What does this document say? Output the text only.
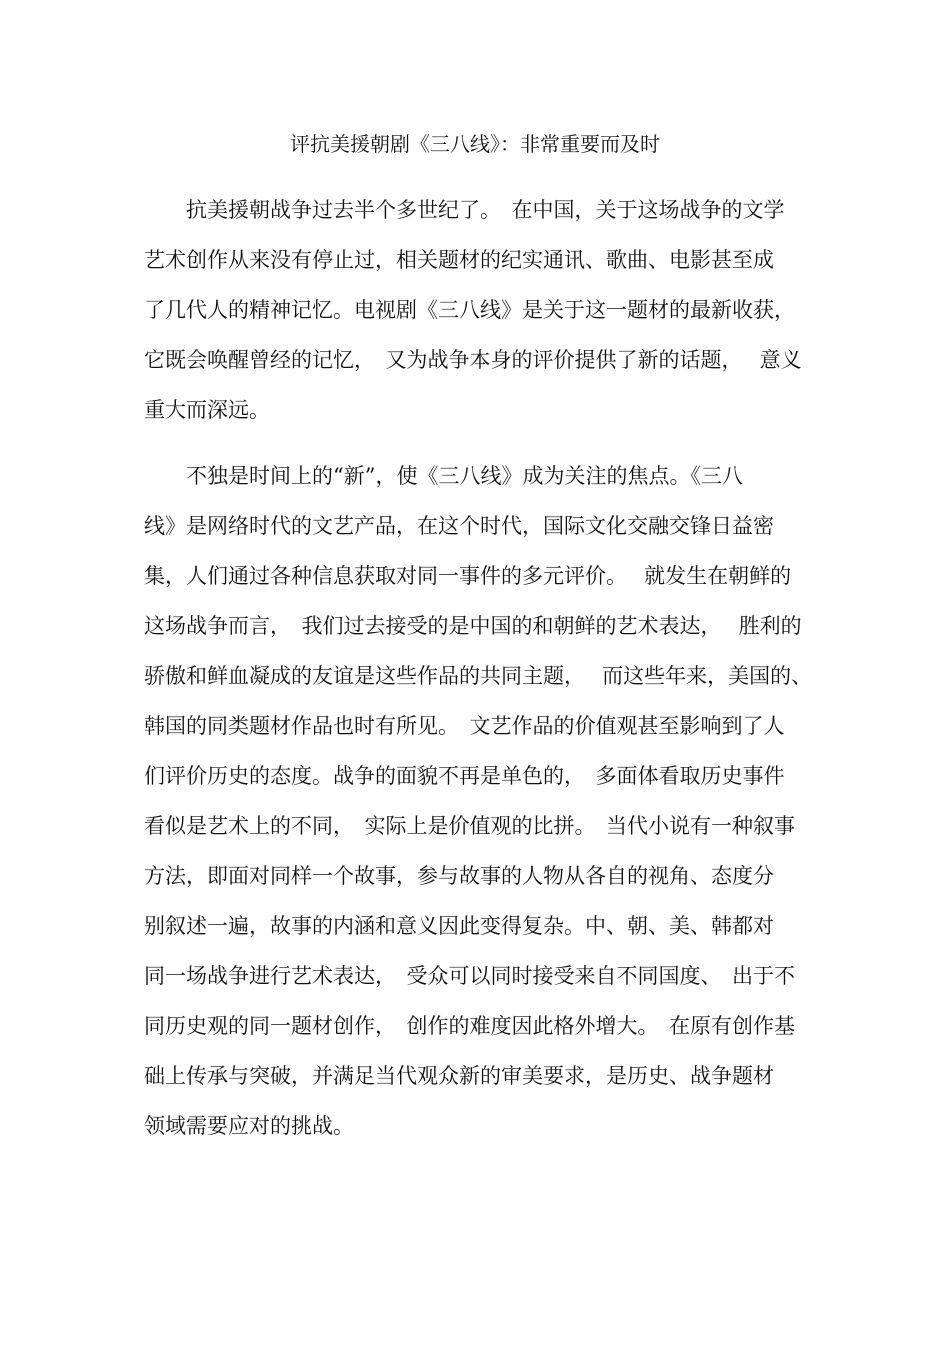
评抗美援朝剧《三八线》：非常重要而及时
抗美援朝战争过去半个多世纪了。　在中国，关于这场战争的文学
艺术创作从来没有停止过，相关题材的纪实通讯、歌曲、电影甚至成
了几代人的精神记忆。电视剧《三八线》是关于这一题材的最新收获，
它既会唤醒曾经的记忆，　又为战争本身的评价提供了新的话题，　 意义
重大而深远。
不独是时间上的“新”，使《三八线》成为关注的焦点。《三八
线》是网络时代的文艺产品，在这个时代，国际文化交融交锋日益密
集，人们通过各种信息获取对同一事件的多元评价。　 就发生在朝鲜的
这场战争而言，　我们过去接受的是中国的和朝鲜的艺术表达，　 胜利的
骄傲和鲜血凝成的友谊是这些作品的共同主题，　 而这些年来，美国的、
韩国的同类题材作品也时有所见。　文艺作品的价值观甚至影响到了人
们评价历史的态度。战争的面貌不再是单色的，　多面体看取历史事件
看似是艺术上的不同，　实际上是价值观的比拼。　当代小说有一种叙事
方法，即面对同样一个故事，参与故事的人物从各自的视角、态度分
别叙述一遍，故事的内涵和意义因此变得复杂。中、朝、美、韩都对
同一场战争进行艺术表达，　受众可以同时接受来自不同国度、　出于不
同历史观的同一题材创作，　创作的难度因此格外增大。　在原有创作基
础上传承与突破，并满足当代观众新的审美要求，是历史、战争题材
领域需要应对的挑战。
